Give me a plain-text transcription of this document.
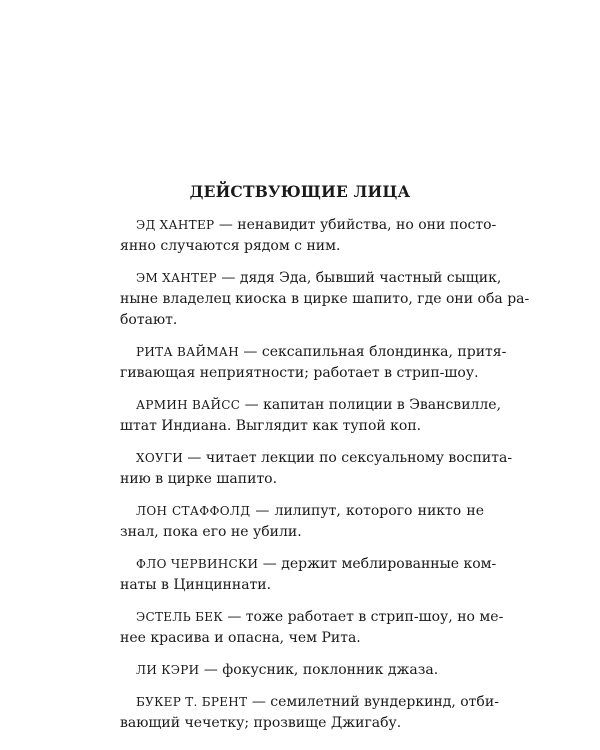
ДЕЙСТВУЮЩИЕ ЛИЦА

ЭД ХАНТЕР — ненавидит убийства, но они посто-
янно случаются рядом с ним.

ЭМ ХАНТЕР — дядя Эда, бывший частный сыщик,
ныне владелец киоска в цирке шапито, где они оба ра-
ботают.

РИТА ВАЙМАН — сексапильная блондинка, притя-
гивающая неприятности; работает в стрип-шоу.

АРМИН ВАЙСС — капитан полиции в Эвансвилле,
штат Индиана. Выглядит как тупой коп.

ХОУГИ — читает лекции по сексуальному воспита-
нию в цирке шапито.

ЛОН СТАФФОЛД — лилипут, которого никто не
знал, пока его не убили.

ФЛО ЧЕРВИНСКИ — держит меблированные ком-
наты в Цинциннати.

ЭСТЕЛЬ БЕК — тоже работает в стрип-шоу, но ме-
нее красива и опасна, чем Рита.

ЛИ КЭРИ — фокусник, поклонник джаза.

БУКЕР Т. БРЕНТ — семилетний вундеркинд, отби-
вающий чечетку; прозвище Джигабу.
